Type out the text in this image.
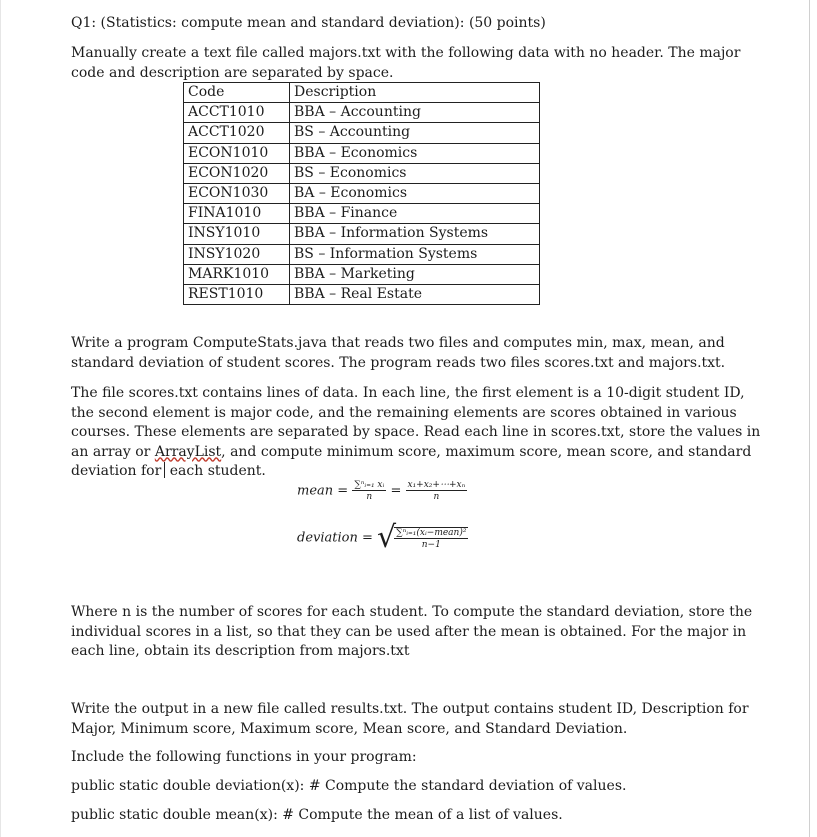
Q1: (Statistics: compute mean and standard deviation): (50 points)
Manually create a text file called majors.txt with the following data with no header. The major code and description are separated by space.
Code	Description
ACCT1010	BBA – Accounting
ACCT1020	BS – Accounting
ECON1010	BBA – Economics
ECON1020	BS – Economics
ECON1030	BA – Economics
FINA1010	BBA – Finance
INSY1010	BBA – Information Systems
INSY1020	BS – Information Systems
MARK1010	BBA – Marketing
REST1010	BBA – Real Estate
Write a program ComputeStats.java that reads two files and computes min, max, mean, and standard deviation of student scores. The program reads two files scores.txt and majors.txt.
The file scores.txt contains lines of data. In each line, the first element is a 10-digit student ID, the second element is major code, and the remaining elements are scores obtained in various courses. These elements are separated by space. Read each line in scores.txt, store the values in an array or ArrayList, and compute minimum score, maximum score, mean score, and standard deviation for each student.
mean = $\frac{\text{∑ⁿᵢ₌₁ xᵢ}}{n} = \frac{\text{x₁+x₂+⋯+xₙ}}{n}$
deviation = √
$\frac{\text{∑ⁿᵢ₌₁(xᵢ−mean)²}}{n-1}$
Where n is the number of scores for each student. To compute the standard deviation, store the individual scores in a list, so that they can be used after the mean is obtained. For the major in each line, obtain its description from majors.txt
Write the output in a new file called results.txt. The output contains student ID, Description for Major, Minimum score, Maximum score, Mean score, and Standard Deviation.
Include the following functions in your program:
public static double deviation(x): # Compute the standard deviation of values.
public static double mean(x): # Compute the mean of a list of values.
